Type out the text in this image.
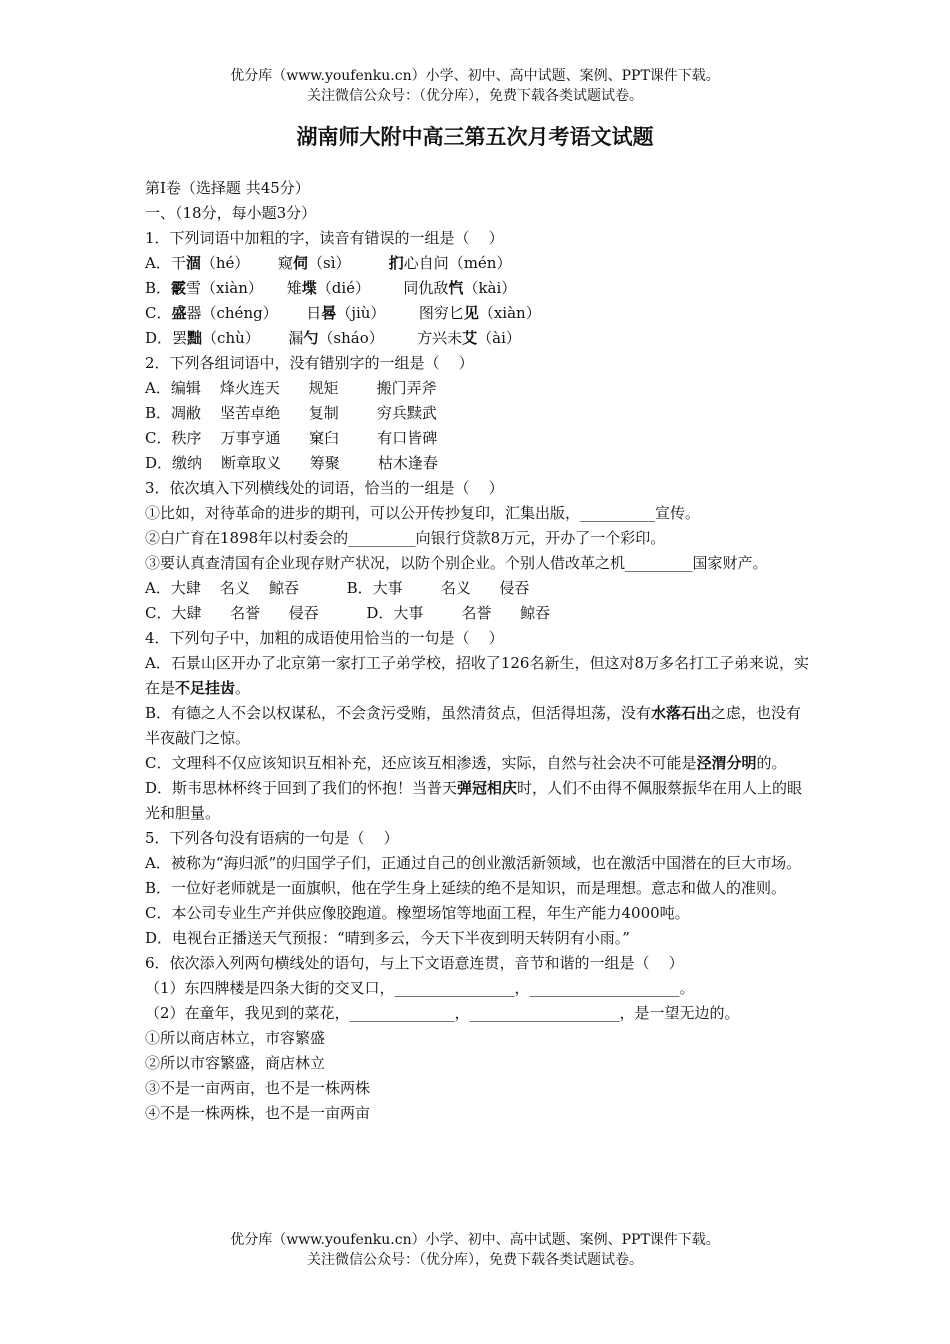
优分库（www.youfenku.cn）小学、初中、高中试题、案例、PPT课件下载。
关注微信公众号：（优分库），免费下载各类试题试卷。
湖南师大附中高三第五次月考语文试题
第Ⅰ卷（选择题 共45分）
一、（18分，每小题3分）
1．下列词语中加粗的字，读音有错误的一组是（    ）
A．干涸（hé）      窥伺（sì）        扪心自问（mén）
B．霰雪（xiàn）     雉堞（dié）       同仇敌忾（kài）
C．盛器（chéng）      日晷（jiù）       图穷匕见（xiàn）
D．罢黜（chù）      漏勺（sháo）       方兴未艾（ài）
2．下列各组词语中，没有错别字的一组是（    ）
A．编辑    烽火连天      规矩        搬门弄斧
B．凋敝    坚苦卓绝      复制        穷兵黩武
C．秩序    万事亨通      窠臼        有口皆碑
D．缴纳    断章取义      筹聚        枯木逢春
3．依次填入下列横线处的词语，恰当的一组是（    ）
①比如，对待革命的进步的期刊，可以公开传抄复印，汇集出版，__________宣传。
②白广育在1898年以村委会的_________向银行贷款8万元，开办了一个彩印。
③要认真查清国有企业现存财产状况，以防个别企业。个别人借改革之机_________国家财产。
A．大肆    名义    鲸吞          B．大事        名义      侵吞
C．大肆      名誉      侵吞          D．大事        名誉      鲸吞
4．下列句子中，加粗的成语使用恰当的一句是（    ）
A．石景山区开办了北京第一家打工子弟学校，招收了126名新生，但这对8万多名打工子弟来说，实在是不足挂齿。
B．有德之人不会以权谋私，不会贪污受贿，虽然清贫点，但活得坦荡，没有水落石出之虑，也没有半夜敲门之惊。
C．文理科不仅应该知识互相补充，还应该互相渗透，实际，自然与社会决不可能是泾渭分明的。
D．斯韦思林杯终于回到了我们的怀抱！当普天弹冠相庆时，人们不由得不佩服蔡振华在用人上的眼光和胆量。
5．下列各句没有语病的一句是（    ）
A．被称为“海归派”的归国学子们，正通过自己的创业激活新领域，也在激活中国潜在的巨大市场。
B．一位好老师就是一面旗帜，他在学生身上延续的绝不是知识，而是理想。意志和做人的准则。
C．本公司专业生产并供应像胶跑道。橡塑场馆等地面工程，年生产能力4000吨。
D．电视台正播送天气预报：“晴到多云，今天下半夜到明天转阴有小雨。”
6．依次添入列两句横线处的语句，与上下文语意连贯，音节和谐的一组是（    ）
（1）东四牌楼是四条大街的交叉口，________________，____________________。
（2）在童年，我见到的菜花，______________，____________________，是一望无边的。
①所以商店林立，市容繁盛
②所以市容繁盛，商店林立
③不是一亩两亩，也不是一株两株
④不是一株两株，也不是一亩两亩
优分库（www.youfenku.cn）小学、初中、高中试题、案例、PPT课件下载。
关注微信公众号：（优分库），免费下载各类试题试卷。
